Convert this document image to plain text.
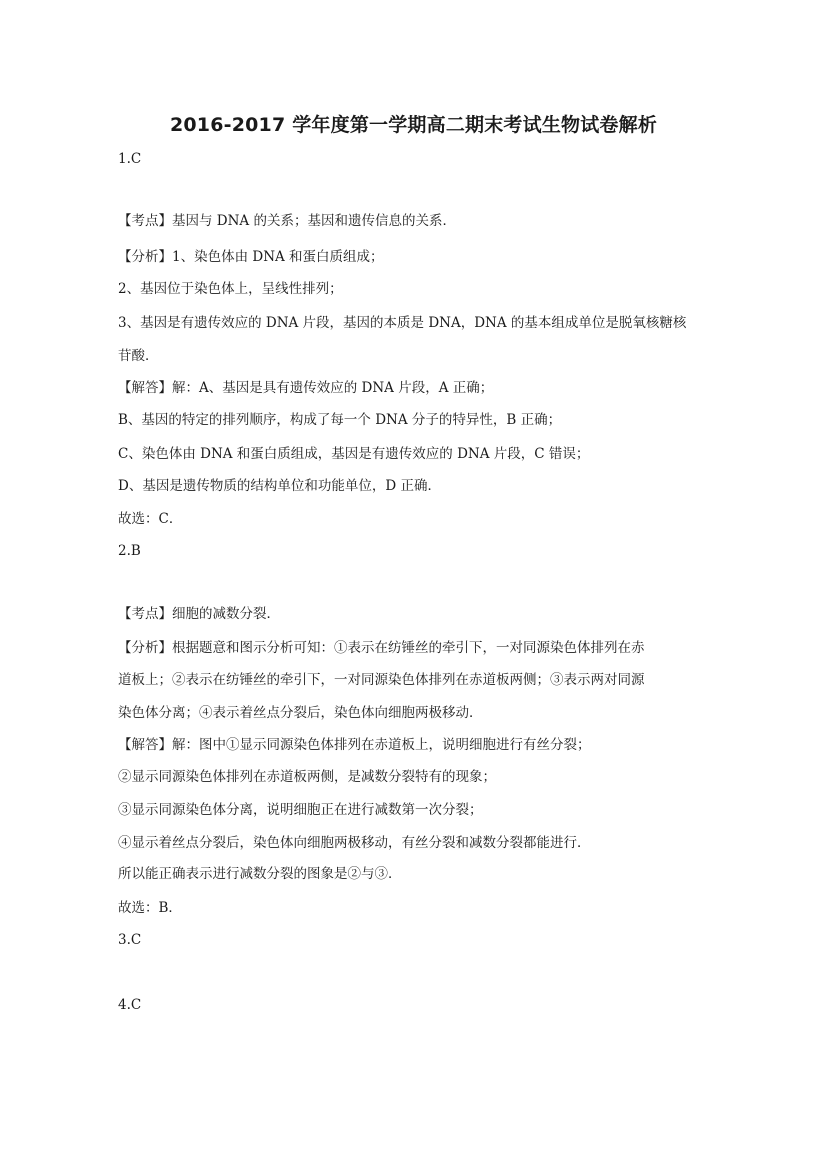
2016-2017 学年度第一学期高二期末考试生物试卷解析
1.C
【考点】基因与 DNA 的关系；基因和遗传信息的关系．
【分析】1、染色体由 DNA 和蛋白质组成；
2、基因位于染色体上，呈线性排列；
3、基因是有遗传效应的 DNA 片段，基因的本质是 DNA，DNA 的基本组成单位是脱氧核糖核
苷酸．
【解答】解：A、基因是具有遗传效应的 DNA 片段，A 正确；
B、基因的特定的排列顺序，构成了每一个 DNA 分子的特异性，B 正确；
C、染色体由 DNA 和蛋白质组成，基因是有遗传效应的 DNA 片段，C 错误；
D、基因是遗传物质的结构单位和功能单位，D 正确．
故选：C．
2.B
【考点】细胞的减数分裂．
【分析】根据题意和图示分析可知：①表示在纺锤丝的牵引下，一对同源染色体排列在赤
道板上；②表示在纺锤丝的牵引下，一对同源染色体排列在赤道板两侧；③表示两对同源
染色体分离；④表示着丝点分裂后，染色体向细胞两极移动．
【解答】解：图中①显示同源染色体排列在赤道板上，说明细胞进行有丝分裂；
②显示同源染色体排列在赤道板两侧，是减数分裂特有的现象；
③显示同源染色体分离，说明细胞正在进行减数第一次分裂；
④显示着丝点分裂后，染色体向细胞两极移动，有丝分裂和减数分裂都能进行．
所以能正确表示进行减数分裂的图象是②与③．
故选：B．
3.C
4.C
